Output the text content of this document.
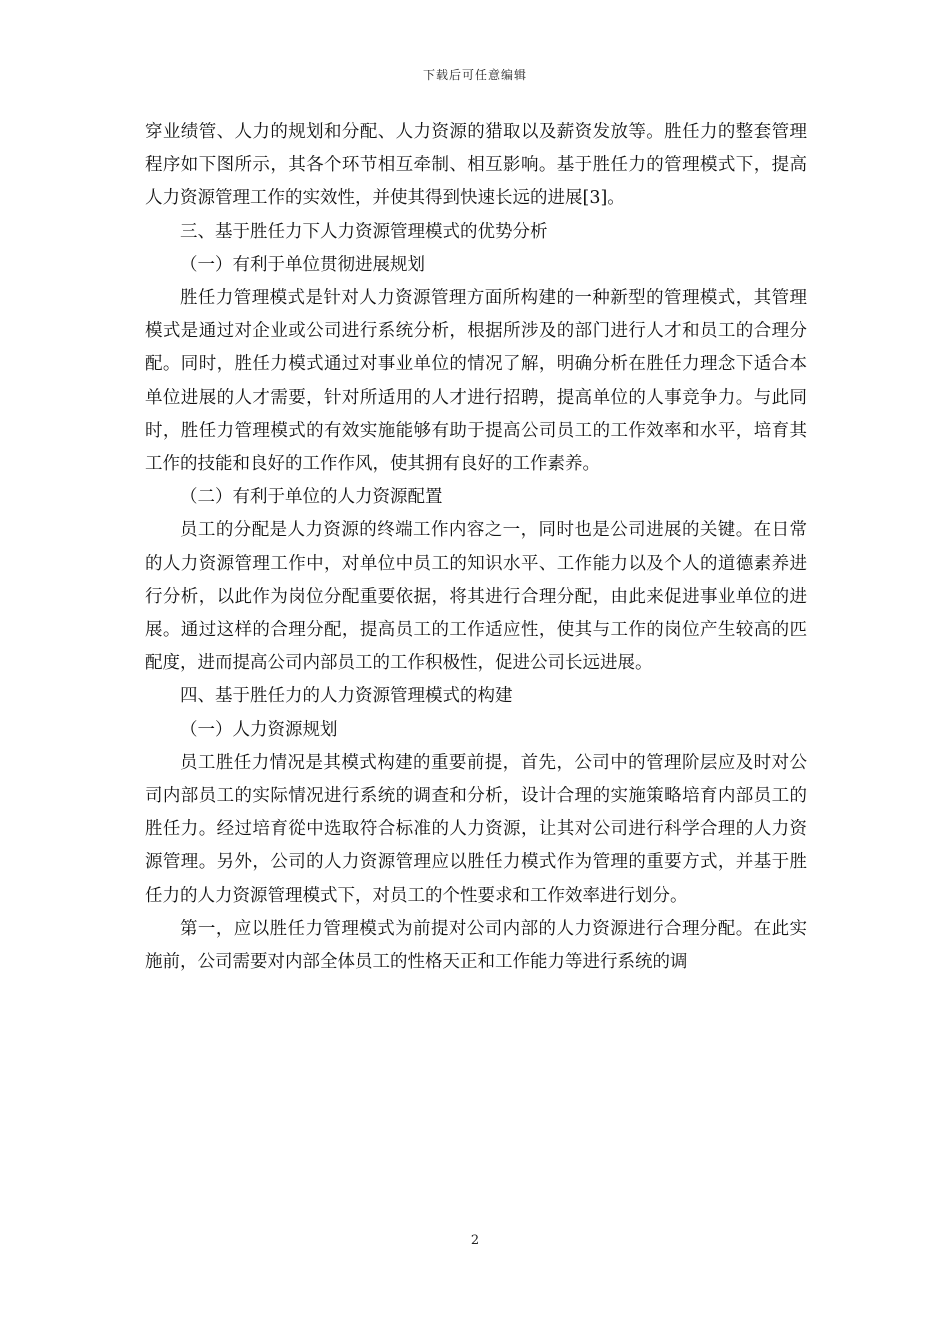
下载后可任意编辑

穿业绩管、人力的规划和分配、人力资源的猎取以及薪资发放等。胜任力的整套管理程序如下图所示，其各个环节相互牵制、相互影响。基于胜任力的管理模式下，提高人力资源管理工作的实效性，并使其得到快速长远的进展[3]。

三、基于胜任力下人力资源管理模式的优势分析

（一）有利于单位贯彻进展规划

胜任力管理模式是针对人力资源管理方面所构建的一种新型的管理模式，其管理模式是通过对企业或公司进行系统分析，根据所涉及的部门进行人才和员工的合理分配。同时，胜任力模式通过对事业单位的情况了解，明确分析在胜任力理念下适合本单位进展的人才需要，针对所适用的人才进行招聘，提高单位的人事竞争力。与此同时，胜任力管理模式的有效实施能够有助于提高公司员工的工作效率和水平，培育其工作的技能和良好的工作作风，使其拥有良好的工作素养。

（二）有利于单位的人力资源配置

员工的分配是人力资源的终端工作内容之一，同时也是公司进展的关键。在日常的人力资源管理工作中，对单位中员工的知识水平、工作能力以及个人的道德素养进行分析，以此作为岗位分配重要依据，将其进行合理分配，由此来促进事业单位的进展。通过这样的合理分配，提高员工的工作适应性，使其与工作的岗位产生较高的匹配度，进而提高公司内部员工的工作积极性，促进公司长远进展。

四、基于胜任力的人力资源管理模式的构建

（一）人力资源规划

员工胜任力情况是其模式构建的重要前提，首先，公司中的管理阶层应及时对公司内部员工的实际情况进行系统的调查和分析，设计合理的实施策略培育内部员工的胜任力。经过培育從中选取符合标准的人力资源，让其对公司进行科学合理的人力资源管理。另外，公司的人力资源管理应以胜任力模式作为管理的重要方式，并基于胜任力的人力资源管理模式下，对员工的个性要求和工作效率进行划分。

第一，应以胜任力管理模式为前提对公司内部的人力资源进行合理分配。在此实施前，公司需要对内部全体员工的性格天正和工作能力等进行系统的调

2
